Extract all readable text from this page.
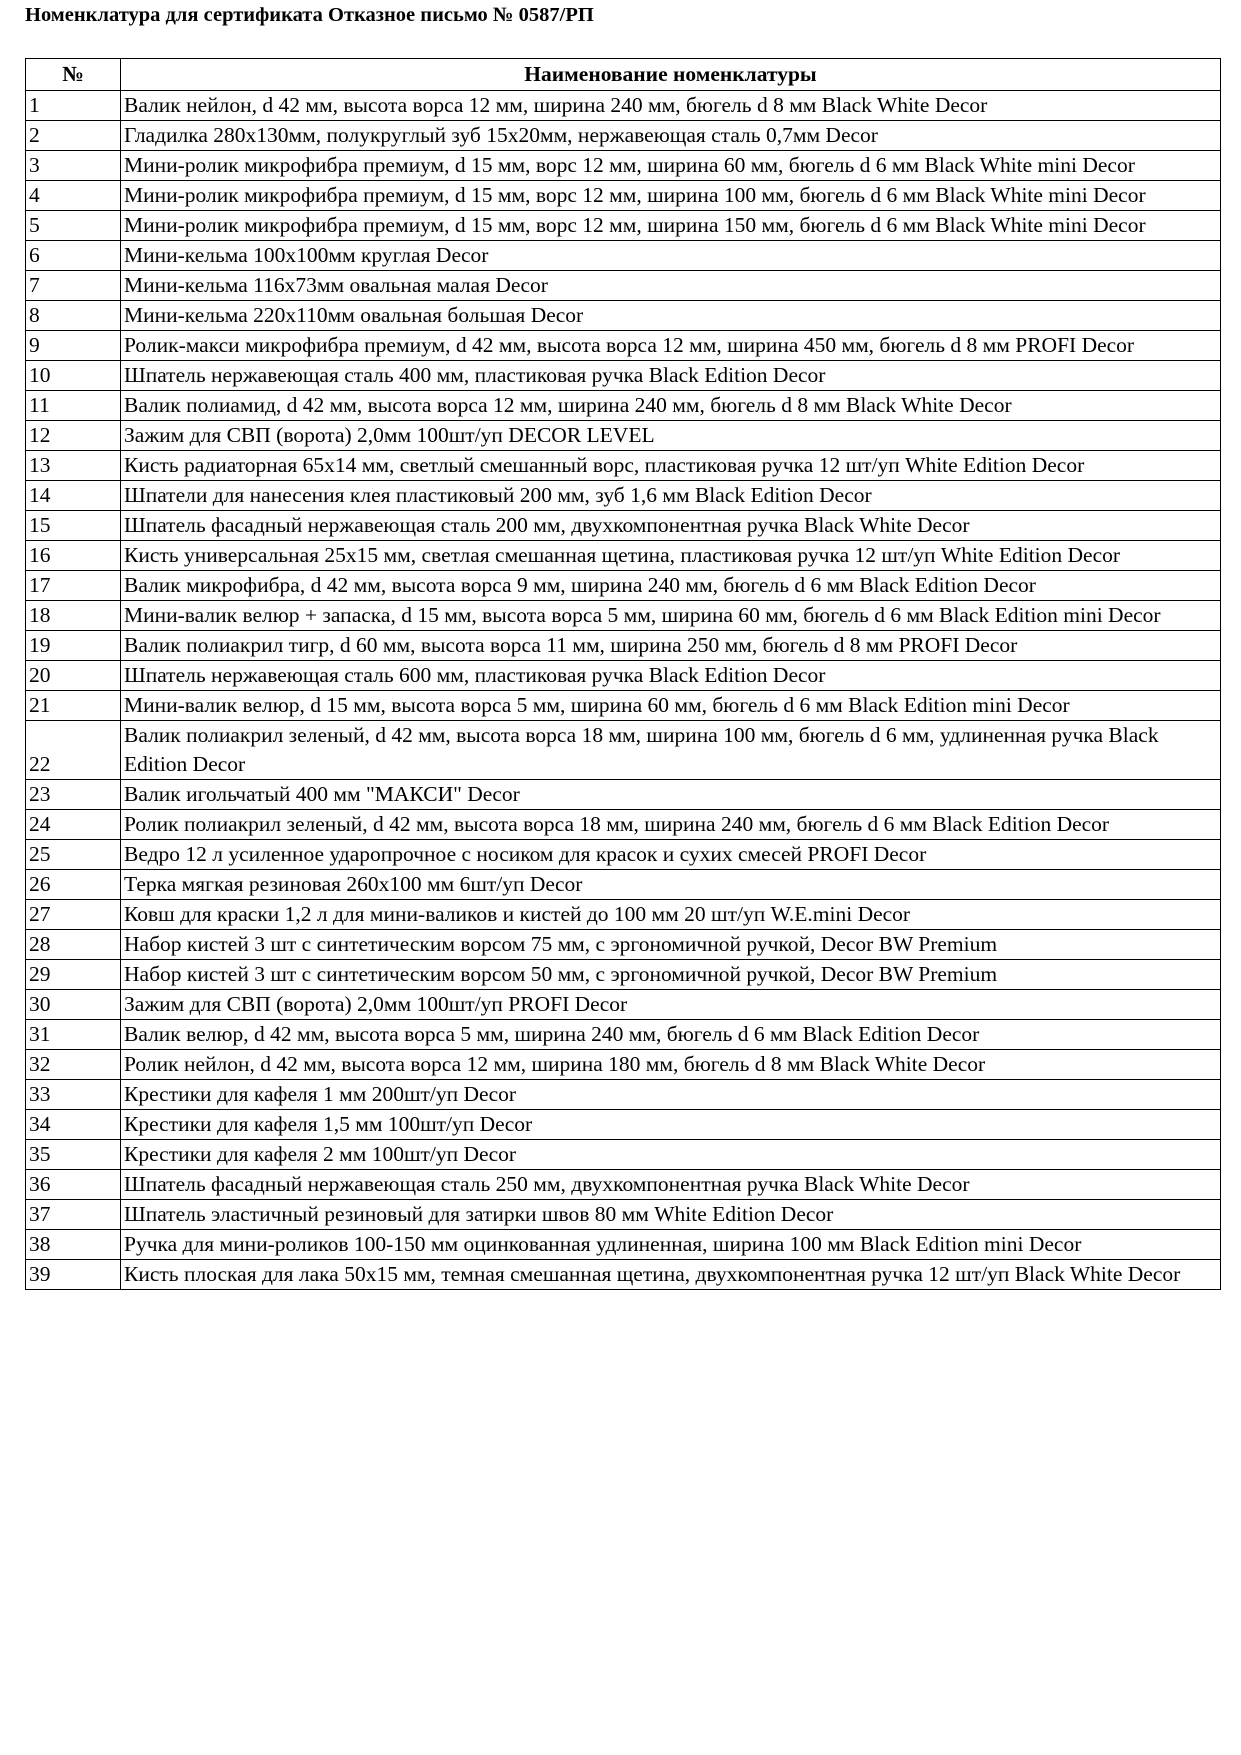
Номенклатура для сертификата Отказное письмо № 0587/РП
№	Наименование номенклатуры
1	Валик нейлон, d 42 мм, высота ворса 12 мм, ширина 240 мм, бюгель d 8 мм Black White Decor
2	Гладилка 280х130мм, полукруглый зуб 15х20мм, нержавеющая сталь 0,7мм Decor
3	Мини-ролик микрофибра премиум, d 15 мм, ворс 12 мм, ширина 60 мм, бюгель d 6 мм Black White mini Decor
4	Мини-ролик микрофибра премиум, d 15 мм, ворс 12 мм, ширина 100 мм, бюгель d 6 мм Black White mini Decor
5	Мини-ролик микрофибра премиум, d 15 мм, ворс 12 мм, ширина 150 мм, бюгель d 6 мм Black White mini Decor
6	Мини-кельма 100х100мм круглая Decor
7	Мини-кельма 116х73мм овальная малая Decor
8	Мини-кельма 220х110мм овальная большая Decor
9	Ролик-макси микрофибра премиум, d 42 мм, высота ворса 12 мм, ширина 450 мм, бюгель d 8 мм PROFI Decor
10	Шпатель нержавеющая сталь 400 мм, пластиковая ручка Black Edition Decor
11	Валик полиамид, d 42 мм, высота ворса 12 мм, ширина 240 мм, бюгель d 8 мм Black White Decor
12	Зажим для СВП (ворота) 2,0мм 100шт/уп DECOR LEVEL
13	Кисть радиаторная 65х14 мм, светлый смешанный ворс, пластиковая ручка 12 шт/уп White Edition Decor
14	Шпатели для нанесения клея пластиковый 200 мм, зуб 1,6 мм Black Edition Decor
15	Шпатель фасадный нержавеющая сталь 200 мм, двухкомпонентная ручка Black White Decor
16	Кисть универсальная 25х15 мм, светлая смешанная щетина, пластиковая ручка 12 шт/уп White Edition Decor
17	Валик микрофибра, d 42 мм, высота ворса 9 мм, ширина 240 мм, бюгель d 6 мм Black Edition Decor
18	Мини-валик велюр + запаска, d 15 мм, высота ворса 5 мм, ширина 60 мм, бюгель d 6 мм Black Edition mini Decor
19	Валик полиакрил тигр, d 60 мм, высота ворса 11 мм, ширина 250 мм, бюгель d 8 мм PROFI Decor
20	Шпатель нержавеющая сталь 600 мм, пластиковая ручка Black Edition Decor
21	Мини-валик велюр, d 15 мм, высота ворса 5 мм, ширина 60 мм, бюгель d 6 мм Black Edition mini Decor
22	Валик полиакрил зеленый, d 42 мм, высота ворса 18 мм, ширина 100 мм, бюгель d 6 мм, удлиненная ручка Black Edition Decor
23	Валик игольчатый 400 мм "МАКСИ" Decor
24	Ролик полиакрил зеленый, d 42 мм, высота ворса 18 мм, ширина 240 мм, бюгель d 6 мм Black Edition Decor
25	Ведро 12 л усиленное ударопрочное с носиком для красок и сухих смесей PROFI Decor
26	Терка мягкая резиновая 260х100 мм 6шт/уп Decor
27	Ковш для краски 1,2 л для мини-валиков и кистей до 100 мм 20 шт/уп W.E.mini Decor
28	Набор кистей 3 шт с синтетическим ворсом 75 мм, с эргономичной ручкой, Decor BW Premium
29	Набор кистей 3 шт с синтетическим ворсом 50 мм, с эргономичной ручкой, Decor BW Premium
30	Зажим для СВП (ворота) 2,0мм 100шт/уп PROFI Decor
31	Валик велюр, d 42 мм, высота ворса 5 мм, ширина 240 мм, бюгель d 6 мм Black Edition Decor
32	Ролик нейлон, d 42 мм, высота ворса 12 мм, ширина 180 мм, бюгель d 8 мм Black White Decor
33	Крестики для кафеля 1 мм 200шт/уп Decor
34	Крестики для кафеля 1,5 мм 100шт/уп Decor
35	Крестики для кафеля 2 мм 100шт/уп Decor
36	Шпатель фасадный нержавеющая сталь 250 мм, двухкомпонентная ручка Black White Decor
37	Шпатель эластичный резиновый для затирки швов 80 мм White Edition Decor
38	Ручка для мини-роликов 100-150 мм оцинкованная удлиненная, ширина 100 мм Black Edition mini Decor
39	Кисть плоская для лака 50х15 мм, темная смешанная щетина, двухкомпонентная ручка 12 шт/уп Black White Decor
